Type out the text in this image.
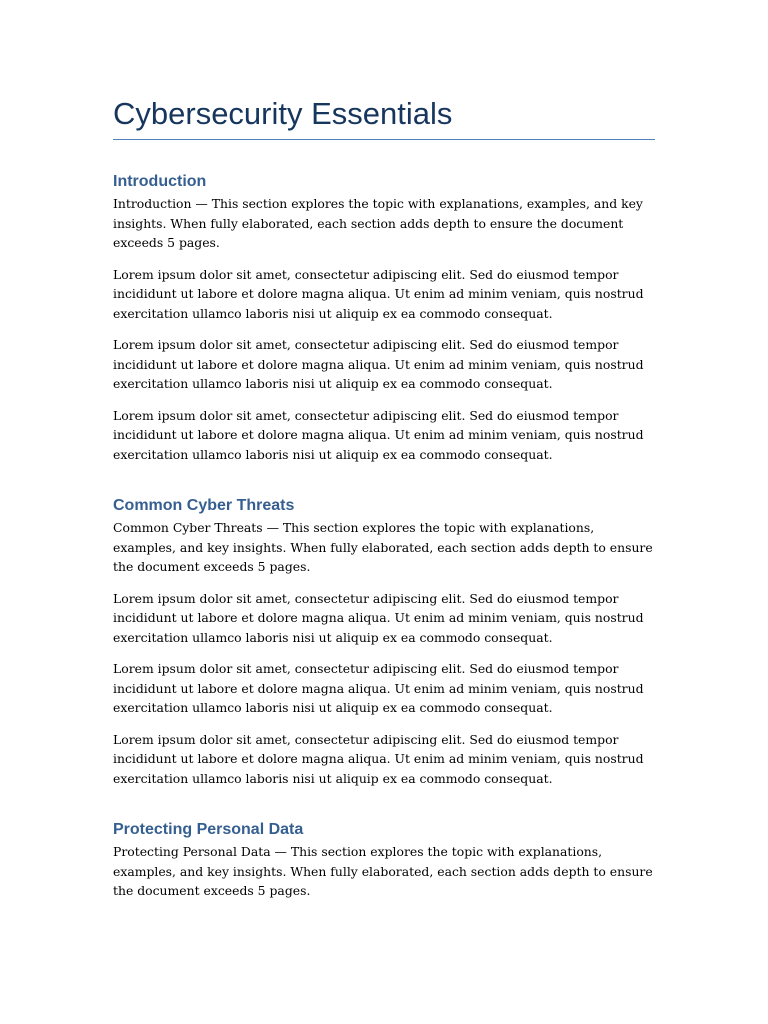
Cybersecurity Essentials
Introduction

Introduction — This section explores the topic with explanations, examples, and key insights. When fully elaborated, each section adds depth to ensure the document exceeds 5 pages.

Lorem ipsum dolor sit amet, consectetur adipiscing elit. Sed do eiusmod tempor incididunt ut labore et dolore magna aliqua. Ut enim ad minim veniam, quis nostrud exercitation ullamco laboris nisi ut aliquip ex ea commodo consequat.

Lorem ipsum dolor sit amet, consectetur adipiscing elit. Sed do eiusmod tempor incididunt ut labore et dolore magna aliqua. Ut enim ad minim veniam, quis nostrud exercitation ullamco laboris nisi ut aliquip ex ea commodo consequat.

Lorem ipsum dolor sit amet, consectetur adipiscing elit. Sed do eiusmod tempor incididunt ut labore et dolore magna aliqua. Ut enim ad minim veniam, quis nostrud exercitation ullamco laboris nisi ut aliquip ex ea commodo consequat.

Common Cyber Threats

Common Cyber Threats — This section explores the topic with explanations, examples, and key insights. When fully elaborated, each section adds depth to ensure the document exceeds 5 pages.

Lorem ipsum dolor sit amet, consectetur adipiscing elit. Sed do eiusmod tempor incididunt ut labore et dolore magna aliqua. Ut enim ad minim veniam, quis nostrud exercitation ullamco laboris nisi ut aliquip ex ea commodo consequat.

Lorem ipsum dolor sit amet, consectetur adipiscing elit. Sed do eiusmod tempor incididunt ut labore et dolore magna aliqua. Ut enim ad minim veniam, quis nostrud exercitation ullamco laboris nisi ut aliquip ex ea commodo consequat.

Lorem ipsum dolor sit amet, consectetur adipiscing elit. Sed do eiusmod tempor incididunt ut labore et dolore magna aliqua. Ut enim ad minim veniam, quis nostrud exercitation ullamco laboris nisi ut aliquip ex ea commodo consequat.

Protecting Personal Data

Protecting Personal Data — This section explores the topic with explanations, examples, and key insights. When fully elaborated, each section adds depth to ensure the document exceeds 5 pages.
